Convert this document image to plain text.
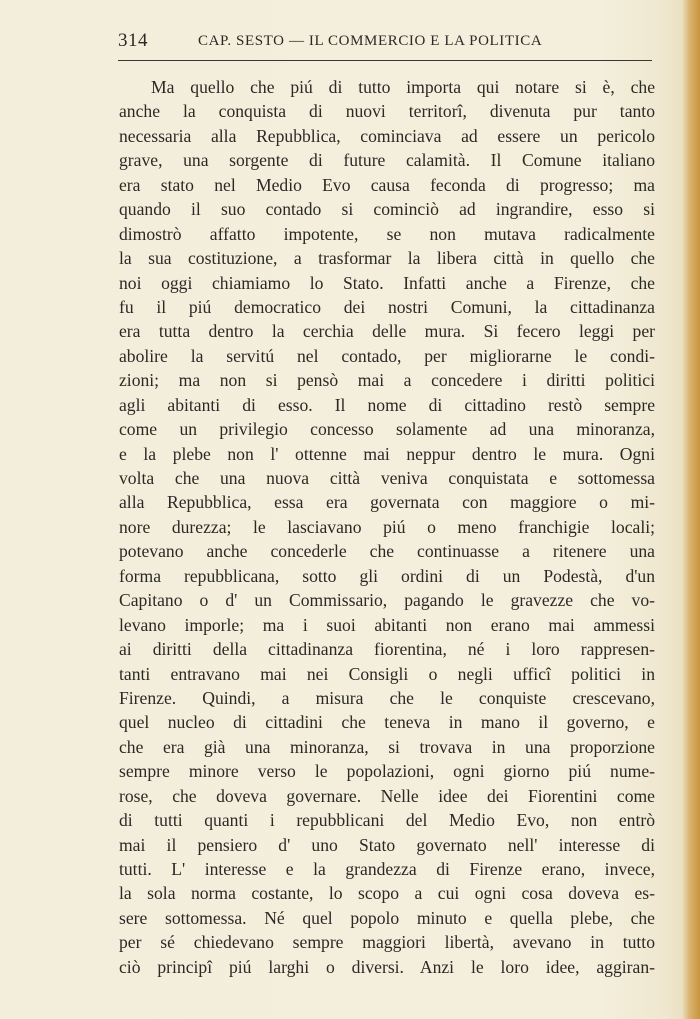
314	CAP. SESTO — IL COMMERCIO E LA POLITICA
Ma quello che piú di tutto importa qui notare si è, che
anche la conquista di nuovi territorî, divenuta pur tanto
necessaria alla Repubblica, cominciava ad essere un pericolo
grave, una sorgente di future calamità. Il Comune italiano
era stato nel Medio Evo causa feconda di progresso; ma
quando il suo contado si cominciò ad ingrandire, esso si
dimostrò affatto impotente, se non mutava radicalmente
la sua costituzione, a trasformar la libera città in quello che
noi oggi chiamiamo lo Stato. Infatti anche a Firenze, che
fu il piú democratico dei nostri Comuni, la cittadinanza
era tutta dentro la cerchia delle mura. Si fecero leggi per
abolire la servitú nel contado, per migliorarne le condi-
zioni; ma non si pensò mai a concedere i diritti politici
agli abitanti di esso. Il nome di cittadino restò sempre
come un privilegio concesso solamente ad una minoranza,
e la plebe non l' ottenne mai neppur dentro le mura. Ogni
volta che una nuova città veniva conquistata e sottomessa
alla Repubblica, essa era governata con maggiore o mi-
nore durezza; le lasciavano piú o meno franchigie locali;
potevano anche concederle che continuasse a ritenere una
forma repubblicana, sotto gli ordini di un Podestà, d'un
Capitano o d' un Commissario, pagando le gravezze che vo-
levano imporle; ma i suoi abitanti non erano mai ammessi
ai diritti della cittadinanza fiorentina, né i loro rappresen-
tanti entravano mai nei Consigli o negli ufficî politici in
Firenze. Quindi, a misura che le conquiste crescevano,
quel nucleo di cittadini che teneva in mano il governo, e
che era già una minoranza, si trovava in una proporzione
sempre minore verso le popolazioni, ogni giorno piú nume-
rose, che doveva governare. Nelle idee dei Fiorentini come
di tutti quanti i repubblicani del Medio Evo, non entrò
mai il pensiero d' uno Stato governato nell' interesse di
tutti. L' interesse e la grandezza di Firenze erano, invece,
la sola norma costante, lo scopo a cui ogni cosa doveva es-
sere sottomessa. Né quel popolo minuto e quella plebe, che
per sé chiedevano sempre maggiori libertà, avevano in tutto
ciò principî piú larghi o diversi. Anzi le loro idee, aggiran-
